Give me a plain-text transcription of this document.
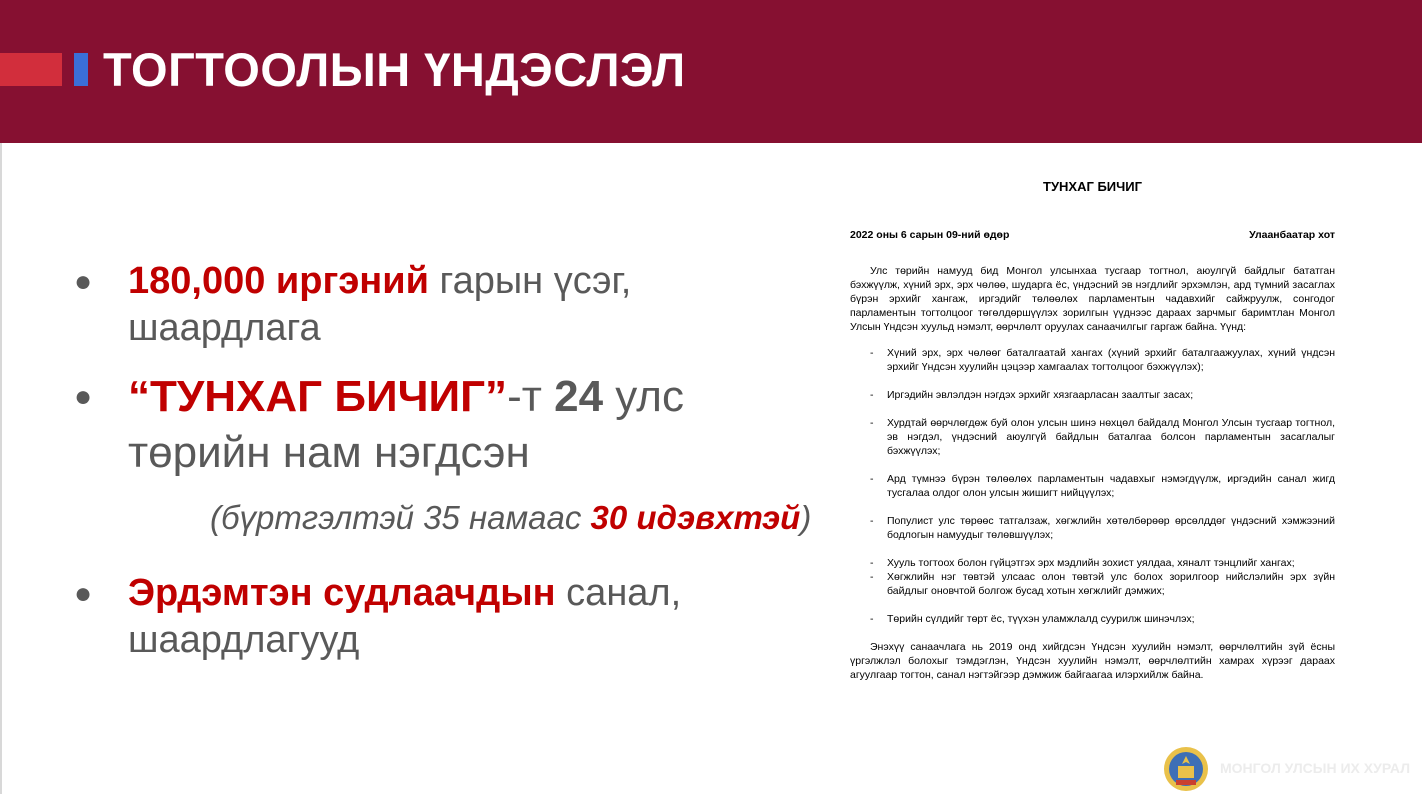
ТОГТООЛЫН ҮНДЭСЛЭЛ
● 180,000 иргэний гарын үсэг, шаардлага
● “ТУНХАГ БИЧИГ”-т 24 улс төрийн нам нэгдсэн
(бүртгэлтэй 35 намаас 30 идэвхтэй)
● Эрдэмтэн судлаачдын санал, шаардлагууд
ТУНХАГ БИЧИГ
2022 оны 6 сарын 09-ний өдөр	Улаанбаатар хот

Улс төрийн намууд бид Монгол улсынхаа тусгаар тогтнол, аюулгүй байдлыг бататган бэхжүүлж, хүний эрх, эрх чөлөө, шударга ёс, үндэсний эв нэгдлийг эрхэмлэн, ард түмний засаглах бүрэн эрхийг хангаж, иргэдийг төлөөлөх парламентын чадавхийг сайжруулж, сонгодог парламентын тогтолцоог төгөлдөршүүлэх зорилгын үүднээс дараах зарчмыг баримтлан Монгол Улсын Үндсэн хуульд нэмэлт, өөрчлөлт оруулах санаачилгыг гаргаж байна. Үүнд:

- Хүний эрх, эрх чөлөөг баталгаатай хангах (хүний эрхийг баталгаажуулах, хүний үндсэн эрхийг Үндсэн хуулийн цэцээр хамгаалах тогтолцоог бэхжүүлэх);
- Иргэдийн эвлэлдэн нэгдэх эрхийг хязгаарласан заалтыг засах;
- Хурдтай өөрчлөгдөж буй олон улсын шинэ нөхцөл байдалд Монгол Улсын тусгаар тогтнол, эв нэгдэл, үндэсний аюулгүй байдлын баталгаа болсон парламентын засаглалыг бэхжүүлэх;
- Ард түмнээ бүрэн төлөөлөх парламентын чадавхыг нэмэгдүүлж, иргэдийн санал жигд тусгалаа олдог олон улсын жишигт нийцүүлэх;
- Популист улс төрөөс татгалзаж, хөгжлийн хөтөлбөрөөр өрсөлддөг үндэсний хэмжээний бодлогын намуудыг төлөвшүүлэх;
- Хууль тогтоох болон гүйцэтгэх эрх мэдлийн зохист уялдаа, хяналт тэнцлийг хангах;
- Хөгжлийн нэг төвтэй улсаас олон төвтэй улс болох зорилгоор нийслэлийн эрх зүйн байдлыг оновчтой болгож бусад хотын хөгжлийг дэмжих;
- Төрийн сүлдийг төрт ёс, түүхэн уламжлалд суурилж шинэчлэх;

Энэхүү санаачлага нь 2019 онд хийгдсэн Үндсэн хуулийн нэмэлт, өөрчлөлтийн зүй ёсны үргэлжлэл болохыг тэмдэглэн, Үндсэн хуулийн нэмэлт, өөрчлөлтийн хамрах хүрээг дараах агуулгаар тогтон, санал нэгтэйгээр дэмжиж байгаагаа илэрхийлж байна.

МОНГОЛ УЛСЫН ИХ ХУРАЛ
